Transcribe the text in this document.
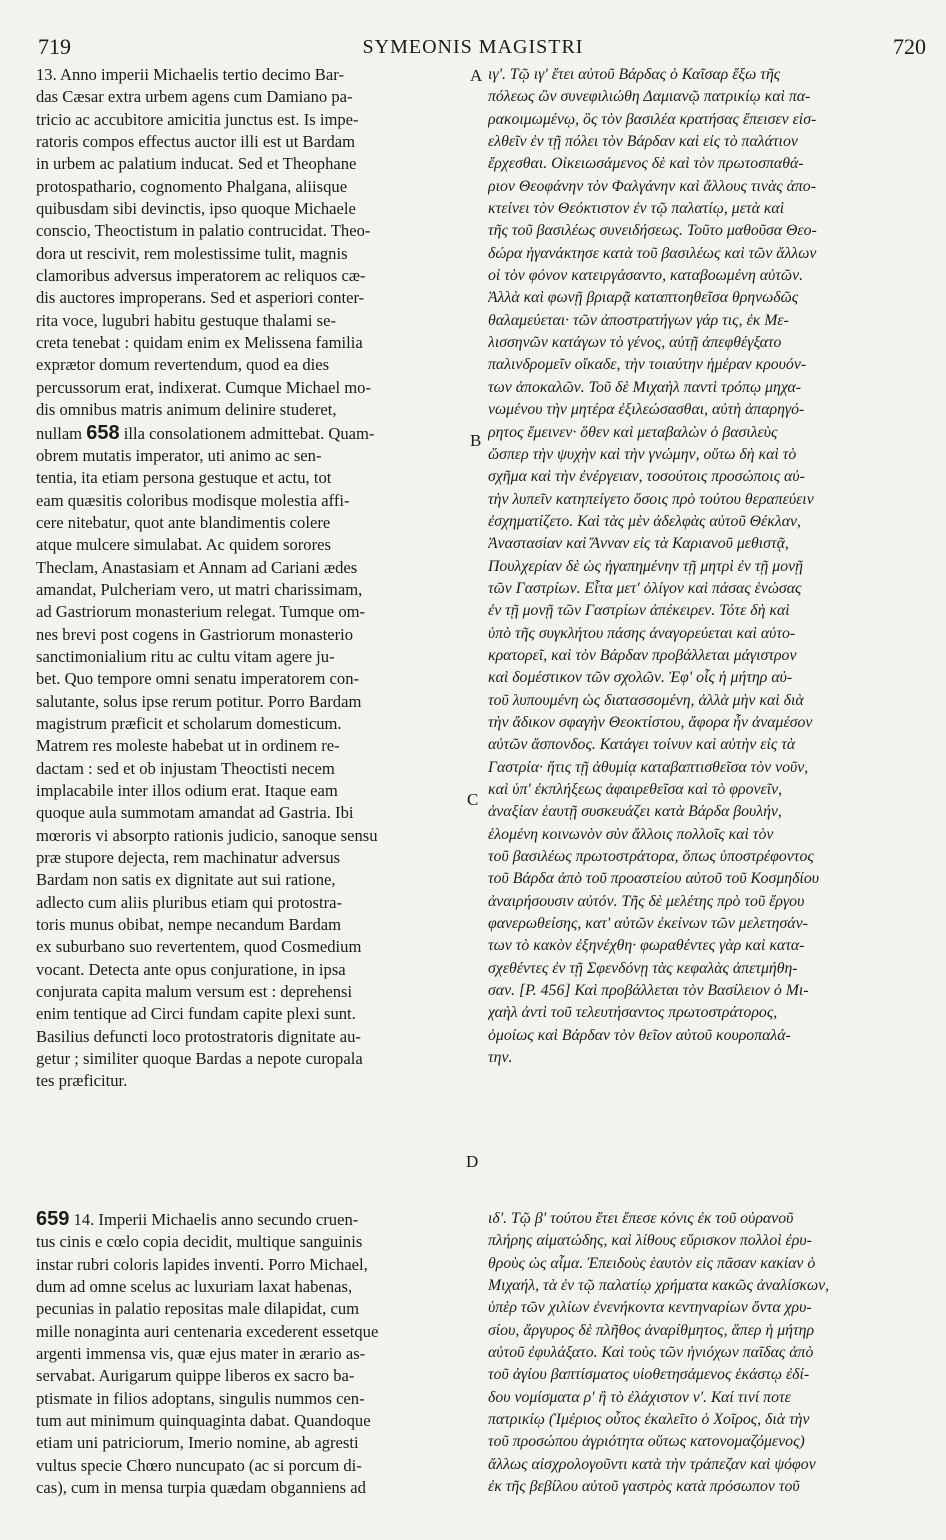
719	SYMEONIS MAGISTRI	720
13. Anno imperii Michaelis tertio decimo Bar-
das Cæsar extra urbem agens cum Damiano pa-
tricio ac accubitore amicitia junctus est. Is impe-
ratoris compos effectus auctor illi est ut Bardam
in urbem ac palatium inducat. Sed et Theophane
protospathario, cognomento Phalgana, aliisque
quibusdam sibi devinctis, ipso quoque Michaele
conscio, Theoctistum in palatio contrucidat. Theo-
dora ut rescivit, rem molestissime tulit, magnis
clamoribus adversus imperatorem ac reliquos cæ-
dis auctores improperans. Sed et asperiori conter-
rita voce, lugubri habitu gestuque thalami se-
creta tenebat : quidam enim ex Melissena familia
exprætor domum revertendum, quod ea dies
percussorum erat, indixerat. Cumque Michael mo-
dis omnibus matris animum delinire studeret,
nullam 658 illa consolationem admittebat. Quam-
obrem mutatis imperator, uti animo ac sen-
tentia, ita etiam persona gestuque et actu, tot
eam quæsitis coloribus modisque molestia affi-
cere nitebatur, quot ante blandimentis colere
atque mulcere simulabat. Ac quidem sorores
Theclam, Anastasiam et Annam ad Cariani ædes
amandat, Pulcheriam vero, ut matri charissimam,
ad Gastriorum monasterium relegat. Tumque om-
nes brevi post cogens in Gastriorum monasterio
sanctimonialium ritu ac cultu vitam agere ju-
bet. Quo tempore omni senatu imperatorem con-
salutante, solus ipse rerum potitur. Porro Bardam
magistrum præficit et scholarum domesticum.
Matrem res moleste habebat ut in ordinem re-
dactam : sed et ob injustam Theoctisti necem
implacabile inter illos odium erat. Itaque eam
quoque aula summotam amandat ad Gastria. Ibi
mœroris vi absorpto rationis judicio, sanoque sensu
præ stupore dejecta, rem machinatur adversus
Bardam non satis ex dignitate aut sui ratione,
adlecto cum aliis pluribus etiam qui protostra-
toris munus obibat, nempe necandum Bardam
ex suburbano suo revertentem, quod Cosmedium
vocant. Detecta ante opus conjuratione, in ipsa
conjurata capita malum versum est : deprehensi
enim tentique ad Circi fundam capite plexi sunt.
Basilius defuncti loco protostratoris dignitate au-
getur ; similiter quoque Bardas a nepote curopala
tes præficitur.
ιγ'. Τῷ ιγ' ἔτει αὐτοῦ Βάρδας ὁ Καῖσαρ ἔξω τῆς
πόλεως ὢν συνεφιλιώθη Δαμιανῷ πατρικίῳ καὶ πα-
ρακοιμωμένῳ, ὃς τὸν βασιλέα κρατήσας ἔπεισεν εἰσ-
ελθεῖν ἐν τῇ πόλει τὸν Βάρδαν καὶ εἰς τὸ παλάτιον
ἔρχεσθαι. Οἰκειωσάμενος δὲ καὶ τὸν πρωτοσπαθά-
ριον Θεοφάνην τὸν Φαλγάνην καὶ ἄλλους τινὰς ἀπο-
κτείνει τὸν Θεόκτιστον ἐν τῷ παλατίῳ, μετὰ καὶ
τῆς τοῦ βασιλέως συνειδήσεως. Τοῦτο μαθοῦσα Θεο-
δώρα ἠγανάκτησε κατὰ τοῦ βασιλέως καὶ τῶν ἄλλων
οἱ τὸν φόνον κατειργάσαντο, καταβοωμένη αὐτῶν.
Ἀλλὰ καὶ φωνῇ βριαρᾷ καταπτοηθεῖσα θρηνωδῶς
θαλαμεύεται· τῶν ἀποστρατήγων γάρ τις, ἐκ Με-
λισσηνῶν κατάγων τὸ γένος, αὐτῇ ἀπεφθέγξατο
παλινδρομεῖν οἴκαδε, τὴν τοιαύτην ἡμέραν κρουόν-
των ἀποκαλῶν. Τοῦ δὲ Μιχαὴλ παντὶ τρόπῳ μηχα-
νωμένου τὴν μητέρα ἐξιλεώσασθαι, αὐτὴ ἀπαρηγό-
ρητος ἔμεινεν· ὅθεν καὶ μεταβαλὼν ὁ βασιλεὺς
ὥσπερ τὴν ψυχὴν καὶ τὴν γνώμην, οὕτω δὴ καὶ τὸ
σχῆμα καὶ τὴν ἐνέργειαν, τοσούτοις προσώποις αὐ-
τὴν λυπεῖν κατηπείγετο ὅσοις πρὸ τούτου θεραπεύειν
ἐσχηματίζετο. Καὶ τὰς μὲν ἀδελφὰς αὐτοῦ Θέκλαν,
Ἀναστασίαν καὶ Ἄνναν εἰς τὰ Καριανοῦ μεθιστᾷ,
Πουλχερίαν δὲ ὡς ἠγαπημένην τῇ μητρὶ ἐν τῇ μονῇ
τῶν Γαστρίων. Εἶτα μετ' ὀλίγον καὶ πάσας ἑνώσας
ἐν τῇ μονῇ τῶν Γαστρίων ἀπέκειρεν. Τότε δὴ καὶ
ὑπὸ τῆς συγκλήτου πάσης ἀναγορεύεται καὶ αὐτο-
κρατορεῖ, καὶ τὸν Βάρδαν προβάλλεται μάγιστρον
καὶ δομέστικον τῶν σχολῶν. Ἐφ' οἷς ἡ μήτηρ αὐ-
τοῦ λυπουμένη ὡς διατασσομένη, ἀλλὰ μὴν καὶ διὰ
τὴν ἄδικον σφαγὴν Θεοκτίστου, ἄφορα ἦν ἀναμέσον
αὐτῶν ἄσπονδος. Κατάγει τοίνυν καὶ αὐτὴν εἰς τὰ
Γαστρία· ἥτις τῇ ἀθυμίᾳ καταβαπτισθεῖσα τὸν νοῦν,
καὶ ὑπ' ἐκπλήξεως ἀφαιρεθεῖσα καὶ τὸ φρονεῖν,
ἀναξίαν ἑαυτῇ συσκευάζει κατὰ Βάρδα βουλήν,
ἑλομένη κοινωνὸν σὺν ἄλλοις πολλοῖς καὶ τὸν
τοῦ βασιλέως πρωτοστράτορα, ὅπως ὑποστρέφοντος
τοῦ Βάρδα ἀπὸ τοῦ προαστείου αὐτοῦ τοῦ Κοσμηδίου
ἀναιρήσουσιν αὐτόν. Τῆς δὲ μελέτης πρὸ τοῦ ἔργου
φανερωθείσης, κατ' αὐτῶν ἐκείνων τῶν μελετησάν-
των τὸ κακὸν ἐξηνέχθη· φωραθέντες γὰρ καὶ κατα-
σχεθέντες ἐν τῇ Σφενδόνῃ τὰς κεφαλὰς ἀπετμήθη-
σαν. [P. 456] Καὶ προβάλλεται τὸν Βασίλειον ὁ Μι-
χαὴλ ἀντὶ τοῦ τελευτήσαντος πρωτοστράτορος,
ὁμοίως καὶ Βάρδαν τὸν θεῖον αὐτοῦ κουροπαλά-
την.
A
B
C
D
659 14. Imperii Michaelis anno secundo cruen-
tus cinis e cœlo copia decidit, multique sanguinis
instar rubri coloris lapides inventi. Porro Michael,
dum ad omne scelus ac luxuriam laxat habenas,
pecunias in palatio repositas male dilapidat, cum
mille nonaginta auri centenaria excederent essetque
argenti immensa vis, quæ ejus mater in ærario as-
servabat. Aurigarum quippe liberos ex sacro ba-
ptismate in filios adoptans, singulis nummos cen-
tum aut minimum quinquaginta dabat. Quandoque
etiam uni patriciorum, Imerio nomine, ab agresti
vultus specie Chœro nuncupato (ac si porcum di-
cas), cum in mensa turpia quædam obganniens ad
ιδ'. Τῷ β' τούτου ἔτει ἔπεσε κόνις ἐκ τοῦ οὐρανοῦ
πλήρης αἱματώδης, καὶ λίθους εὕρισκον πολλοὶ ἐρυ-
θροὺς ὡς αἷμα. Ἐπειδοὺς ἑαυτὸν εἰς πᾶσαν κακίαν ὁ
Μιχαήλ, τὰ ἐν τῷ παλατίῳ χρήματα κακῶς ἀναλίσκων,
ὑπὲρ τῶν χιλίων ἐνενήκοντα κεντηναρίων ὄντα χρυ-
σίου, ἄργυρος δὲ πλῆθος ἀναρίθμητος, ἅπερ ἡ μήτηρ
αὐτοῦ ἐφυλάξατο. Καὶ τοὺς τῶν ἡνιόχων παῖδας ἀπὸ
τοῦ ἁγίου βαπτίσματος υἱοθετησάμενος ἑκάστῳ ἐδί-
δου νομίσματα ρ' ἢ τὸ ἐλάχιστον ν'. Καί τινί ποτε
πατρικίῳ (Ἱμέριος οὗτος ἐκαλεῖτο ὁ Χοῖρος, διὰ τὴν
τοῦ προσώπου ἀγριότητα οὕτως κατονομαζόμενος)
ἄλλως αἰσχρολογοῦντι κατὰ τὴν τράπεζαν καὶ ψόφον
ἐκ τῆς βεβίλου αὐτοῦ γαστρὸς κατὰ πρόσωπον τοῦ
